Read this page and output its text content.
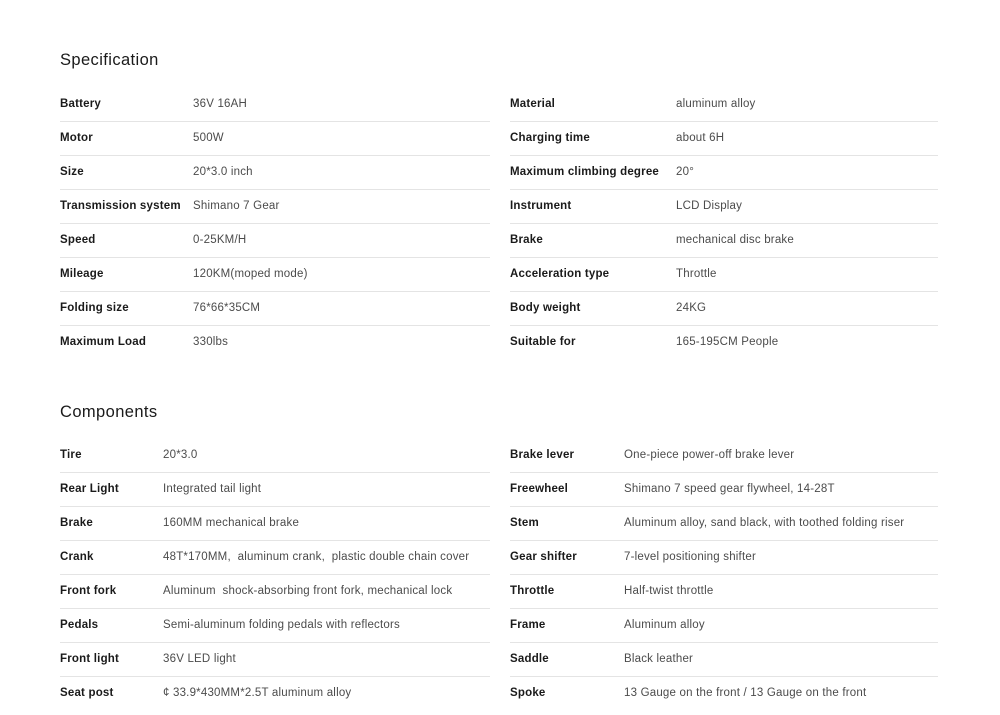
Specification
Battery	36V 16AH
Motor	500W
Size	20*3.0 inch
Transmission system	Shimano 7 Gear
Speed	0-25KM/H
Mileage	120KM(moped mode)
Folding size	76*66*35CM
Maximum Load	330lbs
Material	aluminum alloy
Charging time	about 6H
Maximum climbing degree	20°
Instrument	LCD Display
Brake	mechanical disc brake
Acceleration type	Throttle
Body weight	24KG
Suitable for	165-195CM People
Components
Tire	20*3.0
Rear Light	Integrated tail light
Brake	160MM mechanical brake
Crank	48T*170MM,  aluminum crank,  plastic double chain cover
Front fork	Aluminum  shock-absorbing front fork, mechanical lock
Pedals	Semi-aluminum folding pedals with reflectors
Front light	36V LED light
Seat post	¢ 33.9*430MM*2.5T aluminum alloy
Brake lever	One-piece power-off brake lever
Freewheel	Shimano 7 speed gear flywheel, 14-28T
Stem	Aluminum alloy, sand black, with toothed folding riser
Gear shifter	7-level positioning shifter
Throttle	Half-twist throttle
Frame	Aluminum alloy
Saddle	Black leather
Spoke	13 Gauge on the front / 13 Gauge on the front
